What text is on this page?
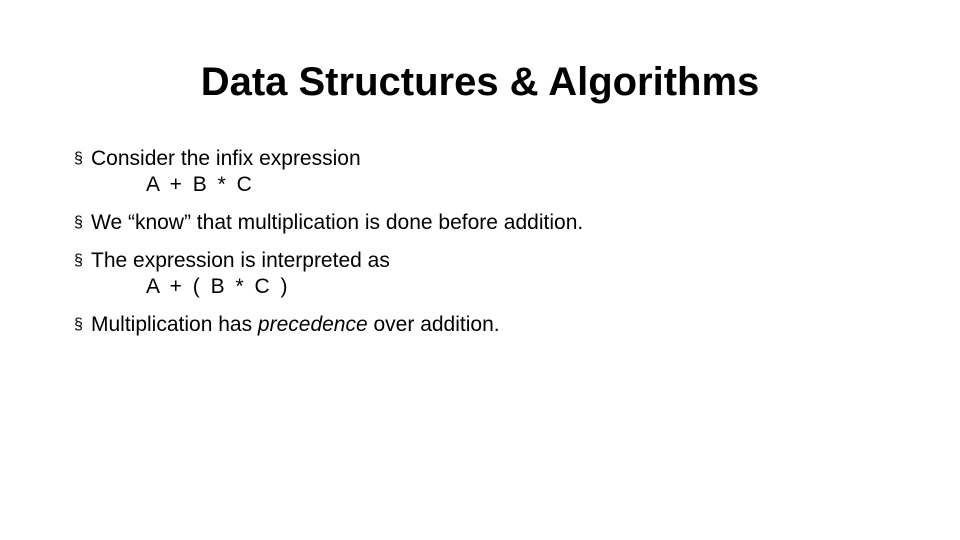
Data Structures & Algorithms
§ Consider the infix expression
A + B * C
§ We “know” that multiplication is done before addition.
§ The expression is interpreted as
A + ( B * C )
§ Multiplication has precedence over addition.
